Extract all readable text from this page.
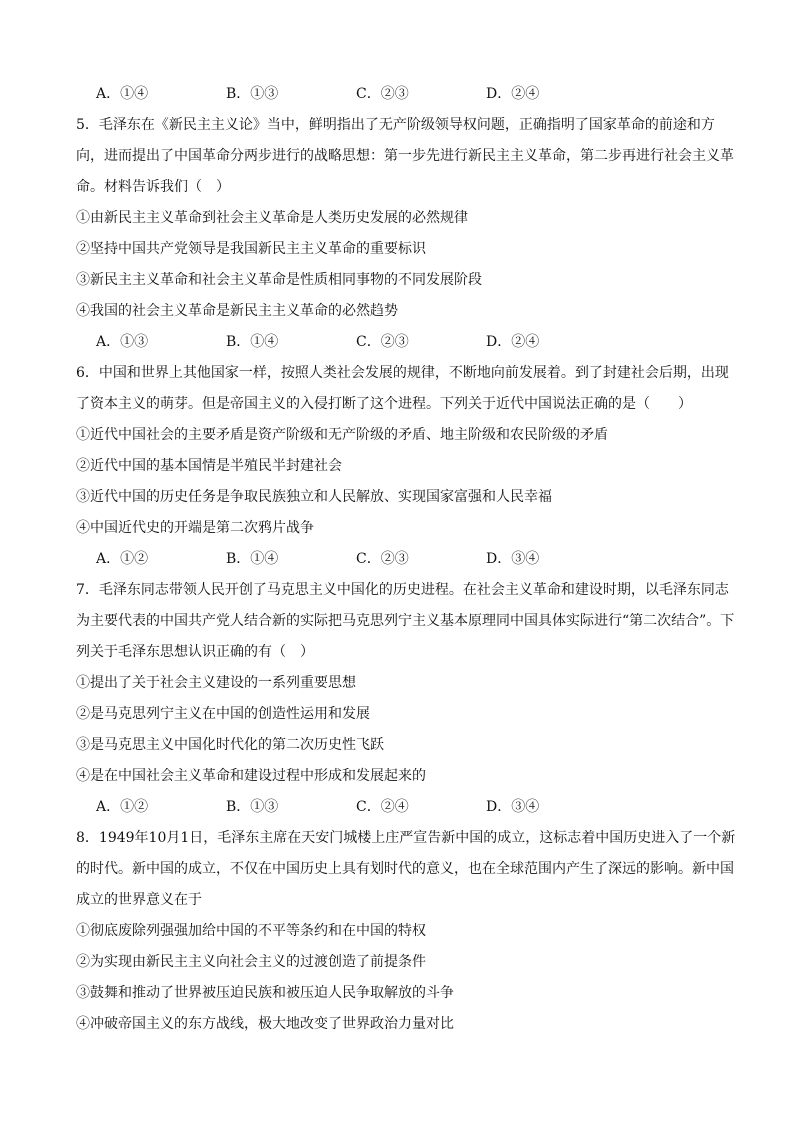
A．①④	B．①③	C．②③	D．②④
5．毛泽东在《新民主主义论》当中，鲜明指出了无产阶级领导权问题，正确指明了国家革命的前途和方向，进而提出了中国革命分两步进行的战略思想：第一步先进行新民主主义革命，第二步再进行社会主义革命。材料告诉我们（　）
①由新民主主义革命到社会主义革命是人类历史发展的必然规律
②坚持中国共产党领导是我国新民主主义革命的重要标识
③新民主主义革命和社会主义革命是性质相同事物的不同发展阶段
④我国的社会主义革命是新民主主义革命的必然趋势
A．①③	B．①④	C．②③	D．②④
6．中国和世界上其他国家一样，按照人类社会发展的规律，不断地向前发展着。到了封建社会后期，出现了资本主义的萌芽。但是帝国主义的入侵打断了这个进程。下列关于近代中国说法正确的是（　　）
①近代中国社会的主要矛盾是资产阶级和无产阶级的矛盾、地主阶级和农民阶级的矛盾
②近代中国的基本国情是半殖民半封建社会
③近代中国的历史任务是争取民族独立和人民解放、实现国家富强和人民幸福
④中国近代史的开端是第二次鸦片战争
A．①②	B．①④	C．②③	D．③④
7．毛泽东同志带领人民开创了马克思主义中国化的历史进程。在社会主义革命和建设时期，以毛泽东同志为主要代表的中国共产党人结合新的实际把马克思列宁主义基本原理同中国具体实际进行“第二次结合”。下列关于毛泽东思想认识正确的有（　）
①提出了关于社会主义建设的一系列重要思想
②是马克思列宁主义在中国的创造性运用和发展
③是马克思主义中国化时代化的第二次历史性飞跃
④是在中国社会主义革命和建设过程中形成和发展起来的
A．①②	B．①③	C．②④	D．③④
8．1949年10月1日，毛泽东主席在天安门城楼上庄严宣告新中国的成立，这标志着中国历史进入了一个新的时代。新中国的成立，不仅在中国历史上具有划时代的意义，也在全球范围内产生了深远的影响。新中国成立的世界意义在于
①彻底废除列强强加给中国的不平等条约和在中国的特权
②为实现由新民主主义向社会主义的过渡创造了前提条件
③鼓舞和推动了世界被压迫民族和被压迫人民争取解放的斗争
④冲破帝国主义的东方战线，极大地改变了世界政治力量对比
